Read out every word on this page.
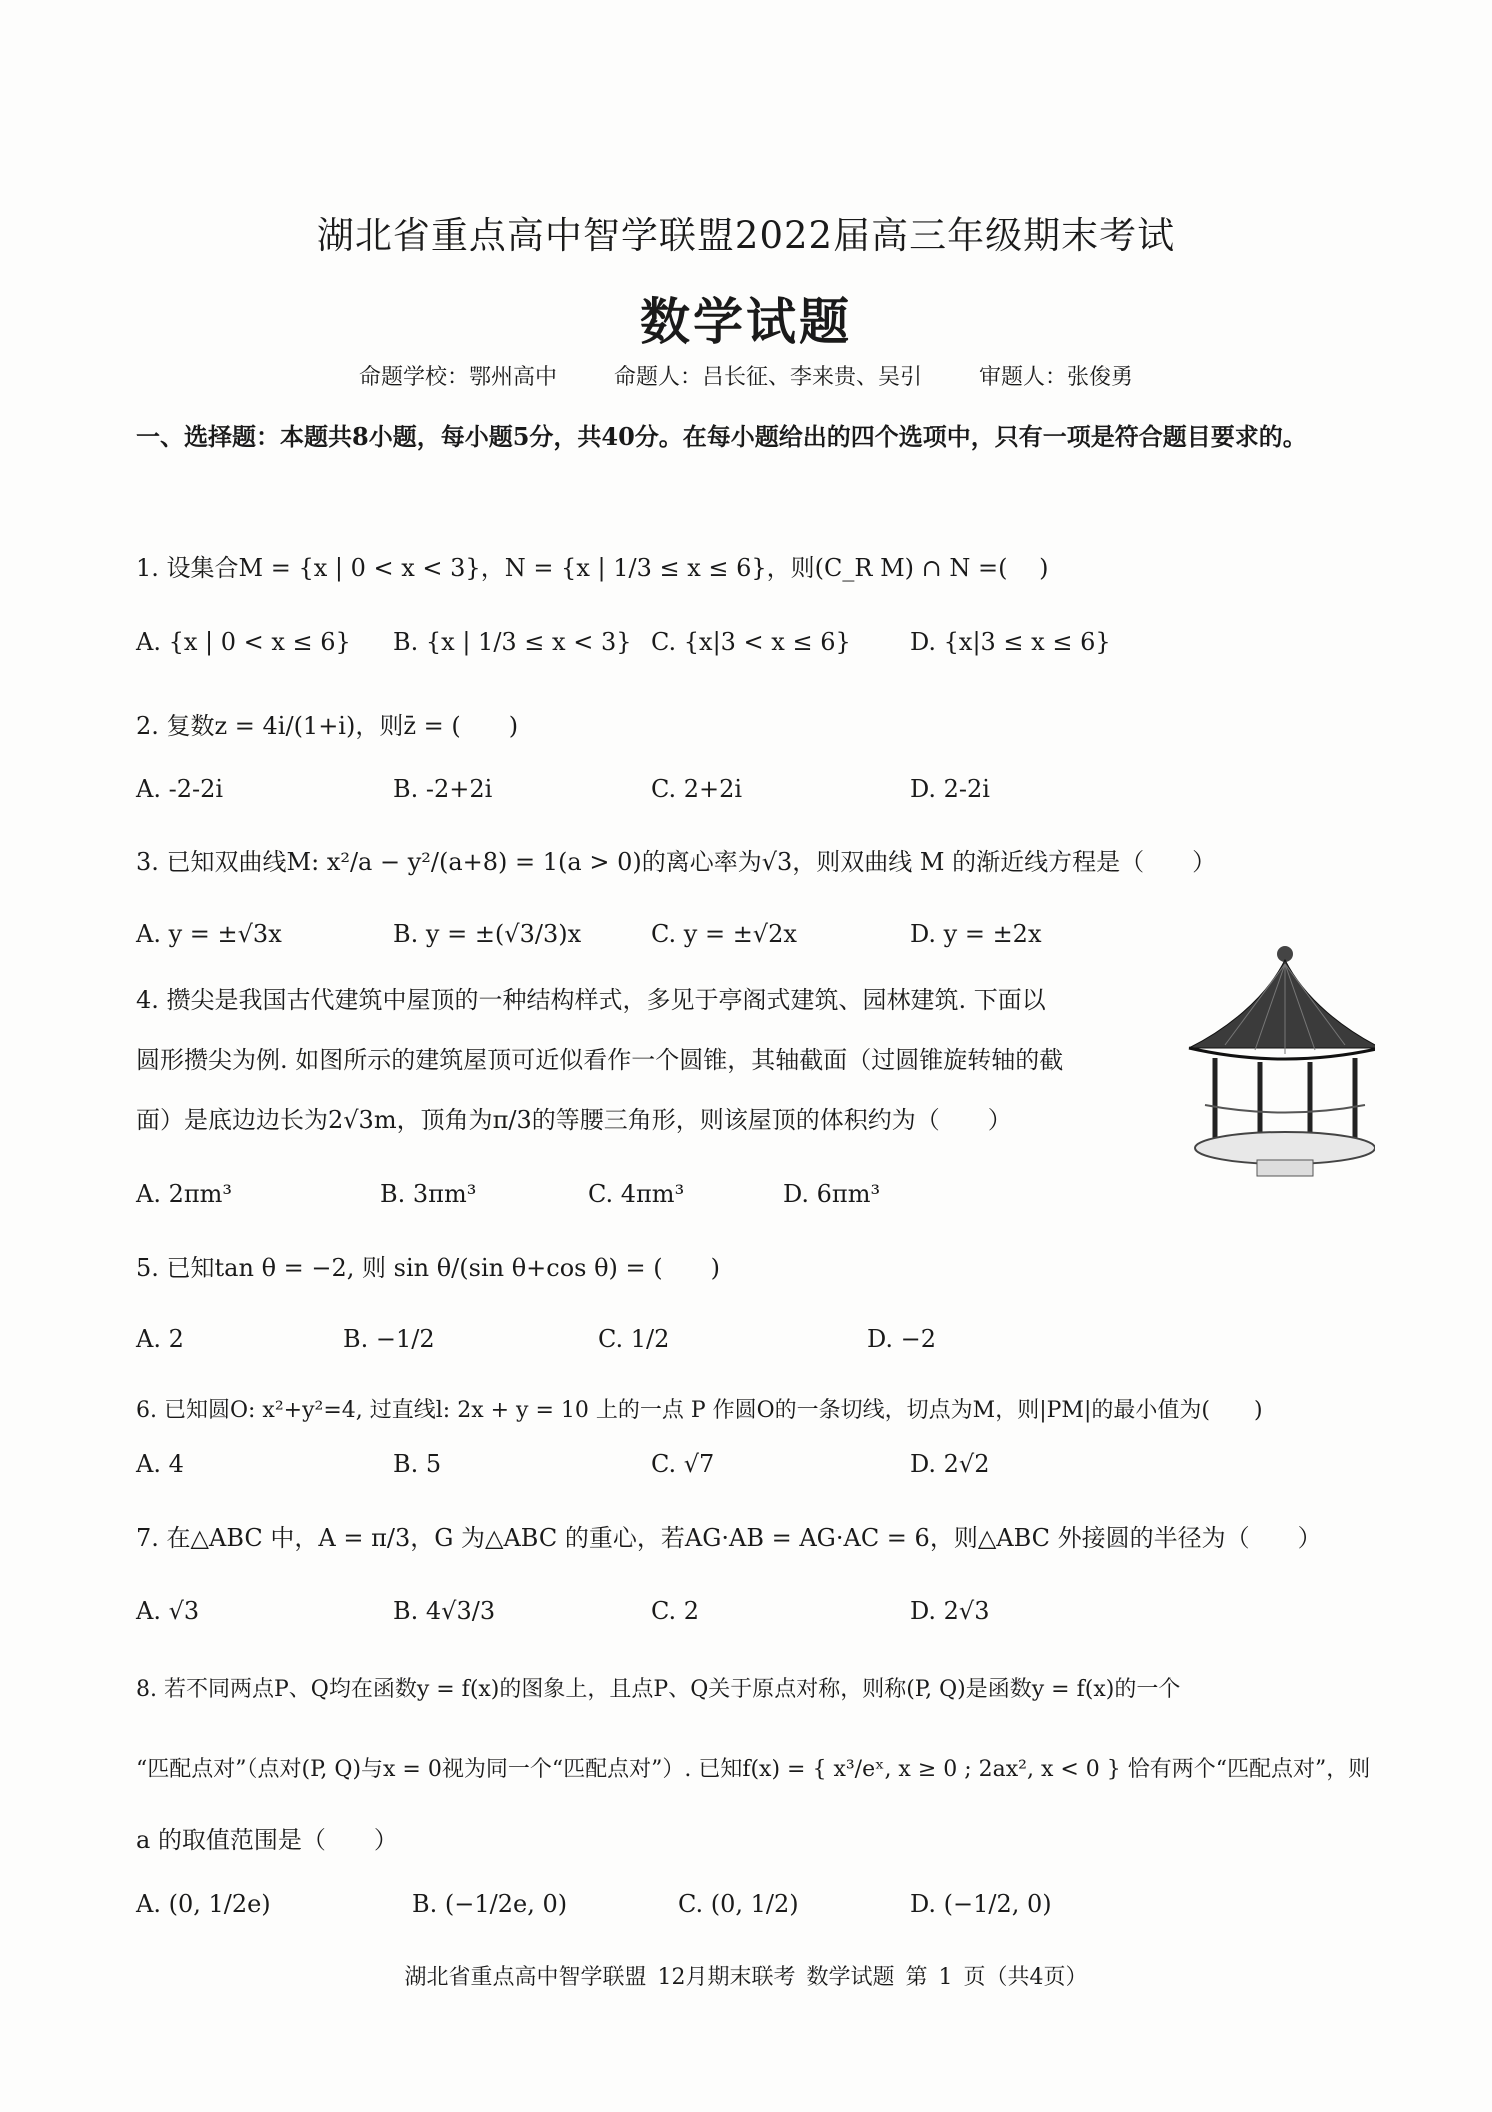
湖北省重点高中智学联盟2022届高三年级期末考试
数学试题
命题学校：鄂州高中	命题人：吕长征、李来贵、吴引	审题人：张俊勇
一、选择题：本题共8小题，每小题5分，共40分。在每小题给出的四个选项中，只有一项是符合题目要求的。
1. 设集合M = {x | 0 < x < 3}，N = {x | 1/3 ≤ x ≤ 6}，则(C_R M) ∩ N =(　 )
A. {x | 0 < x ≤ 6} B. {x | 1/3 ≤ x < 3} C. {x|3 < x ≤ 6} D. {x|3 ≤ x ≤ 6}
2. 复数z = 4i/(1+i)，则z̄ = (　　)
A. -2-2i	B. -2+2i	C. 2+2i	D. 2-2i
3. 已知双曲线M: x²/a − y²/(a+8) = 1(a > 0)的离心率为√3，则双曲线 M 的渐近线方程是（　　）
A. y = ±√3x	B. y = ±(√3/3)x	C. y = ±√2x	D. y = ±2x
4. 攒尖是我国古代建筑中屋顶的一种结构样式，多见于亭阁式建筑、园林建筑. 下面以
圆形攒尖为例. 如图所示的建筑屋顶可近似看作一个圆锥，其轴截面（过圆锥旋转轴的截
面）是底边边长为2√3m，顶角为π/3的等腰三角形，则该屋顶的体积约为（　　）
A. 2πm³	B. 3πm³	C. 4πm³	D. 6πm³
5. 已知tan θ = −2, 则 sin θ/(sin θ+cos θ) = (　　)
A. 2	B. −1/2	C. 1/2	D. −2
6. 已知圆O: x²+y²=4, 过直线l: 2x + y = 10 上的一点 P 作圆O的一条切线，切点为M，则|PM|的最小值为(　　)
A. 4	B. 5	C. √7	D. 2√2
7. 在△ABC 中，A = π/3，G 为△ABC 的重心，若AG·AB = AG·AC = 6，则△ABC 外接圆的半径为（　　）
A. √3	B. 4√3/3	C. 2	D. 2√3
8. 若不同两点P、Q均在函数y = f(x)的图象上，且点P、Q关于原点对称，则称(P, Q)是函数y = f(x)的一个
“匹配点对”（点对(P, Q)与x = 0视为同一个“匹配点对”）. 已知f(x) = { x³/eˣ, x ≥ 0 ; 2ax², x < 0 } 恰有两个“匹配点对”，则
a 的取值范围是（　　）
A. (0, 1/2e)	B. (−1/2e, 0)	C. (0, 1/2)	D. (−1/2, 0)
湖北省重点高中智学联盟 12月期末联考 数学试题 第 1 页（共4页）
